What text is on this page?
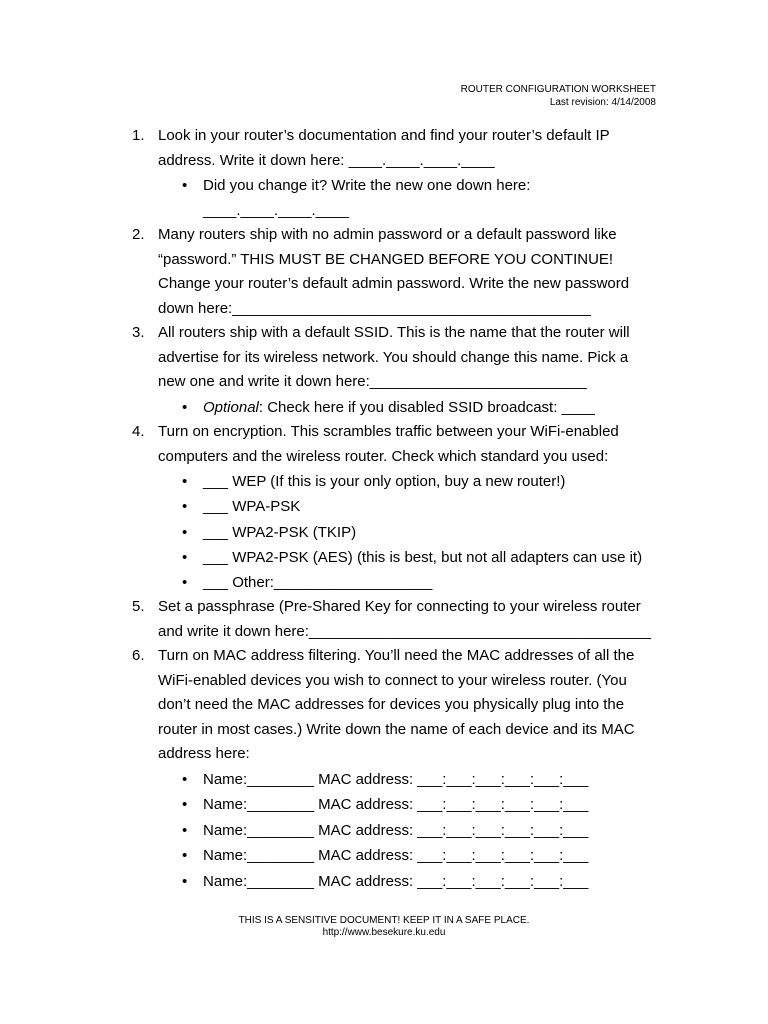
ROUTER CONFIGURATION WORKSHEET
Last revision: 4/14/2008
1. Look in your router’s documentation and find your router’s default IP
address. Write it down here: ____.____.____.____
• Did you change it? Write the new one down here:
____.____.____.____
2. Many routers ship with no admin password or a default password like
“password.” THIS MUST BE CHANGED BEFORE YOU CONTINUE!
Change your router’s default admin password. Write the new password
down here:___________________________________________
3. All routers ship with a default SSID. This is the name that the router will
advertise for its wireless network. You should change this name. Pick a
new one and write it down here:__________________________
• Optional: Check here if you disabled SSID broadcast: ____
4. Turn on encryption. This scrambles traffic between your WiFi-enabled
computers and the wireless router. Check which standard you used:
• ___ WEP (If this is your only option, buy a new router!)
• ___ WPA-PSK
• ___ WPA2-PSK (TKIP)
• ___ WPA2-PSK (AES) (this is best, but not all adapters can use it)
• ___ Other:___________________
5. Set a passphrase (Pre-Shared Key for connecting to your wireless router
and write it down here:_________________________________________
6. Turn on MAC address filtering. You’ll need the MAC addresses of all the
WiFi-enabled devices you wish to connect to your wireless router. (You
don’t need the MAC addresses for devices you physically plug into the
router in most cases.) Write down the name of each device and its MAC
address here:
• Name:________ MAC address: ___:___:___:___:___:___
• Name:________ MAC address: ___:___:___:___:___:___
• Name:________ MAC address: ___:___:___:___:___:___
• Name:________ MAC address: ___:___:___:___:___:___
• Name:________ MAC address: ___:___:___:___:___:___
THIS IS A SENSITIVE DOCUMENT! KEEP IT IN A SAFE PLACE.
http://www.besekure.ku.edu
